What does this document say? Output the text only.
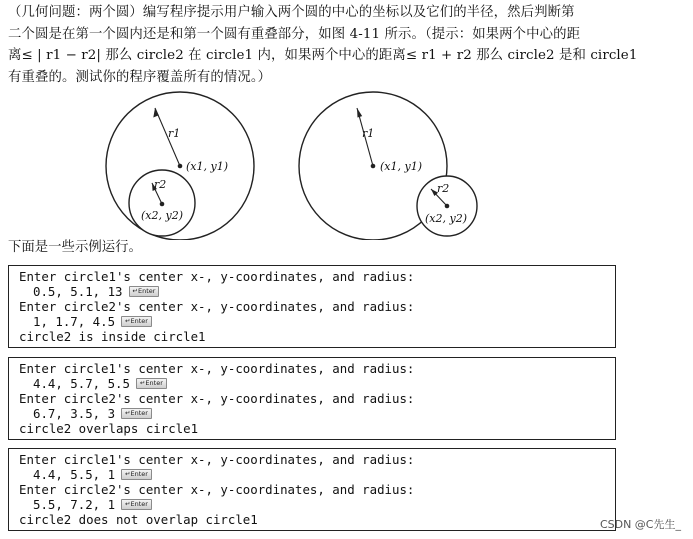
（几何问题：两个圆）编写程序提示用户输入两个圆的中心的坐标以及它们的半径，然后判断第
二个圆是在第一个圆内还是和第一个圆有重叠部分，如图 4-11 所示。（提示：如果两个中心的距
离≤ | r1 − r2| 那么 circle2 在 circle1 内，如果两个中心的距离≤ r1 + r2 那么 circle2 是和 circle1
有重叠的。测试你的程序覆盖所有的情况。）
r1
(x1, y1)
r2
(x2, y2)
r1
(x1, y1)
r2
(x2, y2)
下面是一些示例运行。
Enter circle1's center x-, y-coordinates, and radius:
0.5, 5.1, 13 ↵Enter
Enter circle2's center x-, y-coordinates, and radius:
1, 1.7, 4.5 ↵Enter
circle2 is inside circle1
Enter circle1's center x-, y-coordinates, and radius:
4.4, 5.7, 5.5 ↵Enter
Enter circle2's center x-, y-coordinates, and radius:
6.7, 3.5, 3 ↵Enter
circle2 overlaps circle1
Enter circle1's center x-, y-coordinates, and radius:
4.4, 5.5, 1 ↵Enter
Enter circle2's center x-, y-coordinates, and radius:
5.5, 7.2, 1 ↵Enter
circle2 does not overlap circle1	CSDN @C先生_
